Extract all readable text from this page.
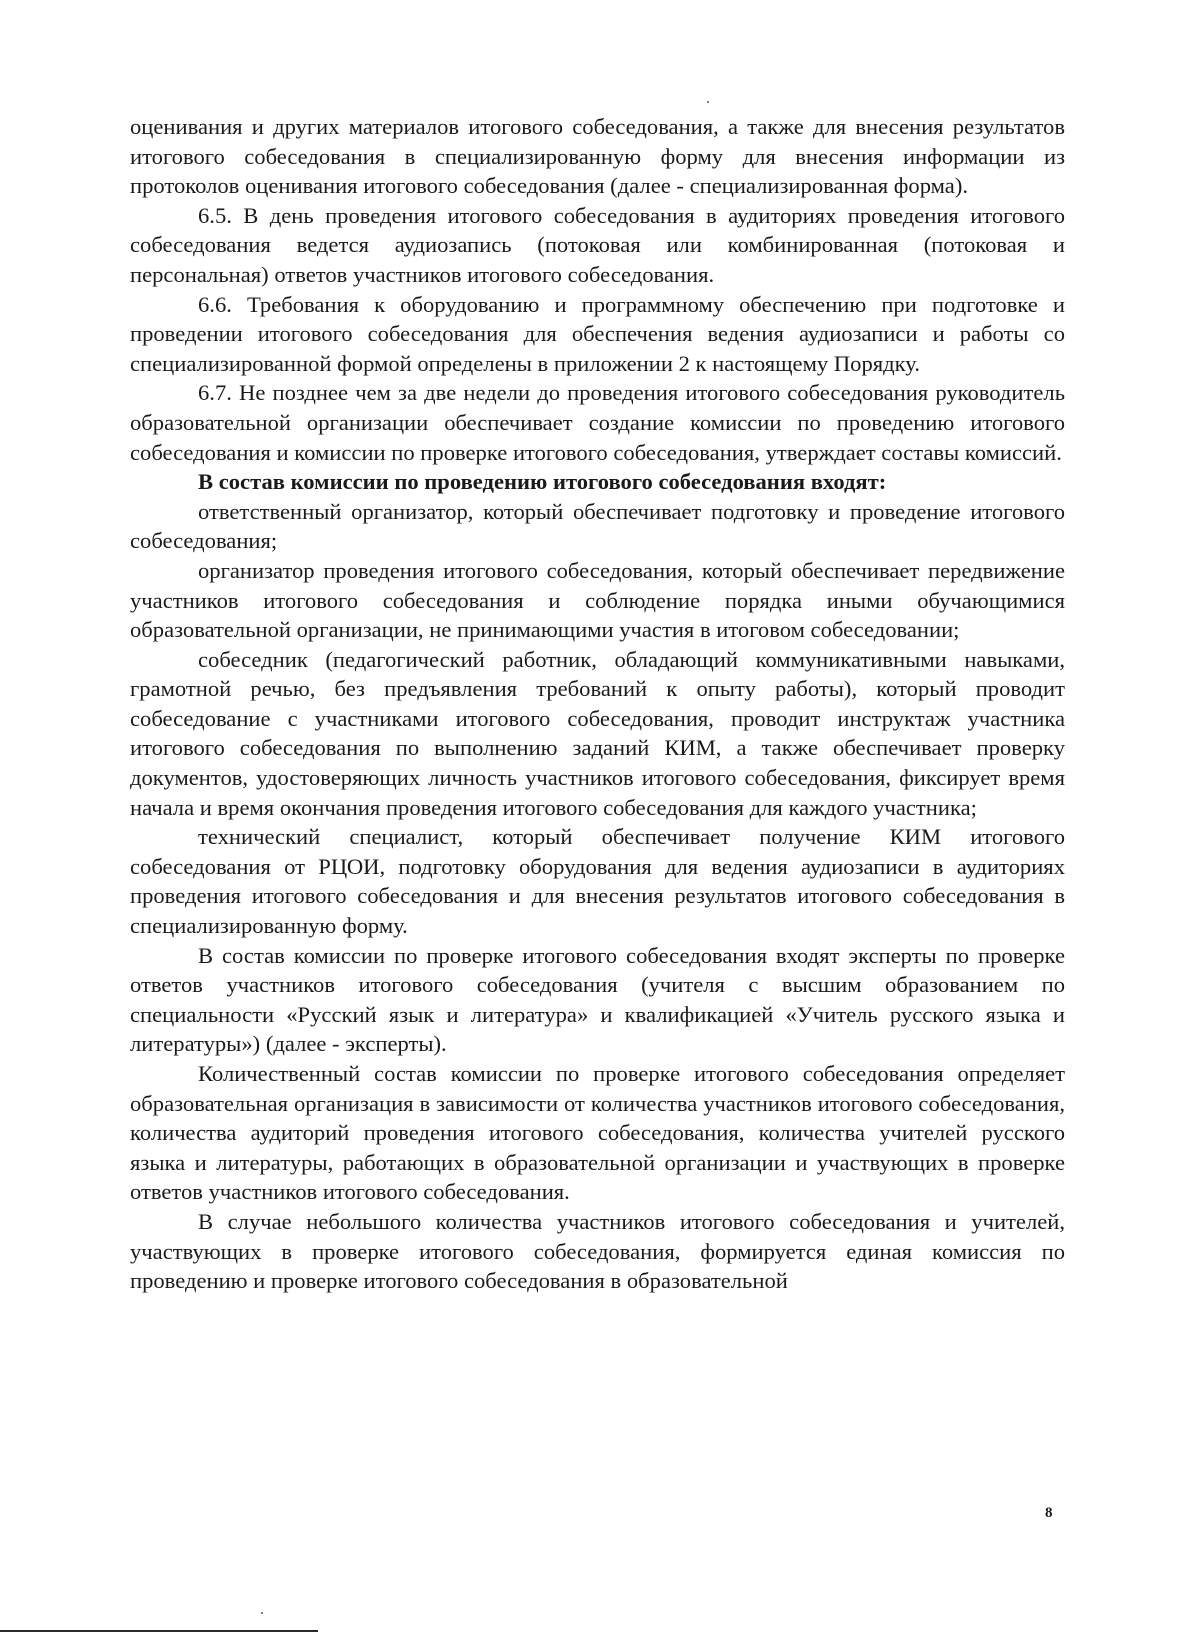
оценивания и других материалов итогового собеседования, а также для внесения результатов итогового собеседования в специализированную форму для внесения информации из протоколов оценивания итогового собеседования (далее - специализированная форма).

6.5. В день проведения итогового собеседования в аудиториях проведения итогового собеседования ведется аудиозапись (потоковая или комбинированная (потоковая и персональная) ответов участников итогового собеседования.

6.6. Требования к оборудованию и программному обеспечению при подготовке и проведении итогового собеседования для обеспечения ведения аудиозаписи и работы со специализированной формой определены в приложении 2 к настоящему Порядку.

6.7. Не позднее чем за две недели до проведения итогового собеседования руководитель образовательной организации обеспечивает создание комиссии по проведению итогового собеседования и комиссии по проверке итогового собеседования, утверждает составы комиссий.

В состав комиссии по проведению итогового собеседования входят:

ответственный организатор, который обеспечивает подготовку и проведение итогового собеседования;

организатор проведения итогового собеседования, который обеспечивает передвижение участников итогового собеседования и соблюдение порядка иными обучающимися образовательной организации, не принимающими участия в итоговом собеседовании;

собеседник (педагогический работник, обладающий коммуникативными навыками, грамотной речью, без предъявления требований к опыту работы), который проводит собеседование с участниками итогового собеседования, проводит инструктаж участника итогового собеседования по выполнению заданий КИМ, а также обеспечивает проверку документов, удостоверяющих личность участников итогового собеседования, фиксирует время начала и время окончания проведения итогового собеседования для каждого участника;

технический специалист, который обеспечивает получение КИМ итогового собеседования от РЦОИ, подготовку оборудования для ведения аудиозаписи в аудиториях проведения итогового собеседования и для внесения результатов итогового собеседования в специализированную форму.

В состав комиссии по проверке итогового собеседования входят эксперты по проверке ответов участников итогового собеседования (учителя с высшим образованием по специальности «Русский язык и литература» и квалификацией «Учитель русского языка и литературы») (далее - эксперты).

Количественный состав комиссии по проверке итогового собеседования определяет образовательная организация в зависимости от количества участников итогового собеседования, количества аудиторий проведения итогового собеседования, количества учителей русского языка и литературы, работающих в образовательной организации и участвующих в проверке ответов участников итогового собеседования.

В случае небольшого количества участников итогового собеседования и учителей, участвующих в проверке итогового собеседования, формируется единая комиссия по проведению и проверке итогового собеседования в образовательной

8
